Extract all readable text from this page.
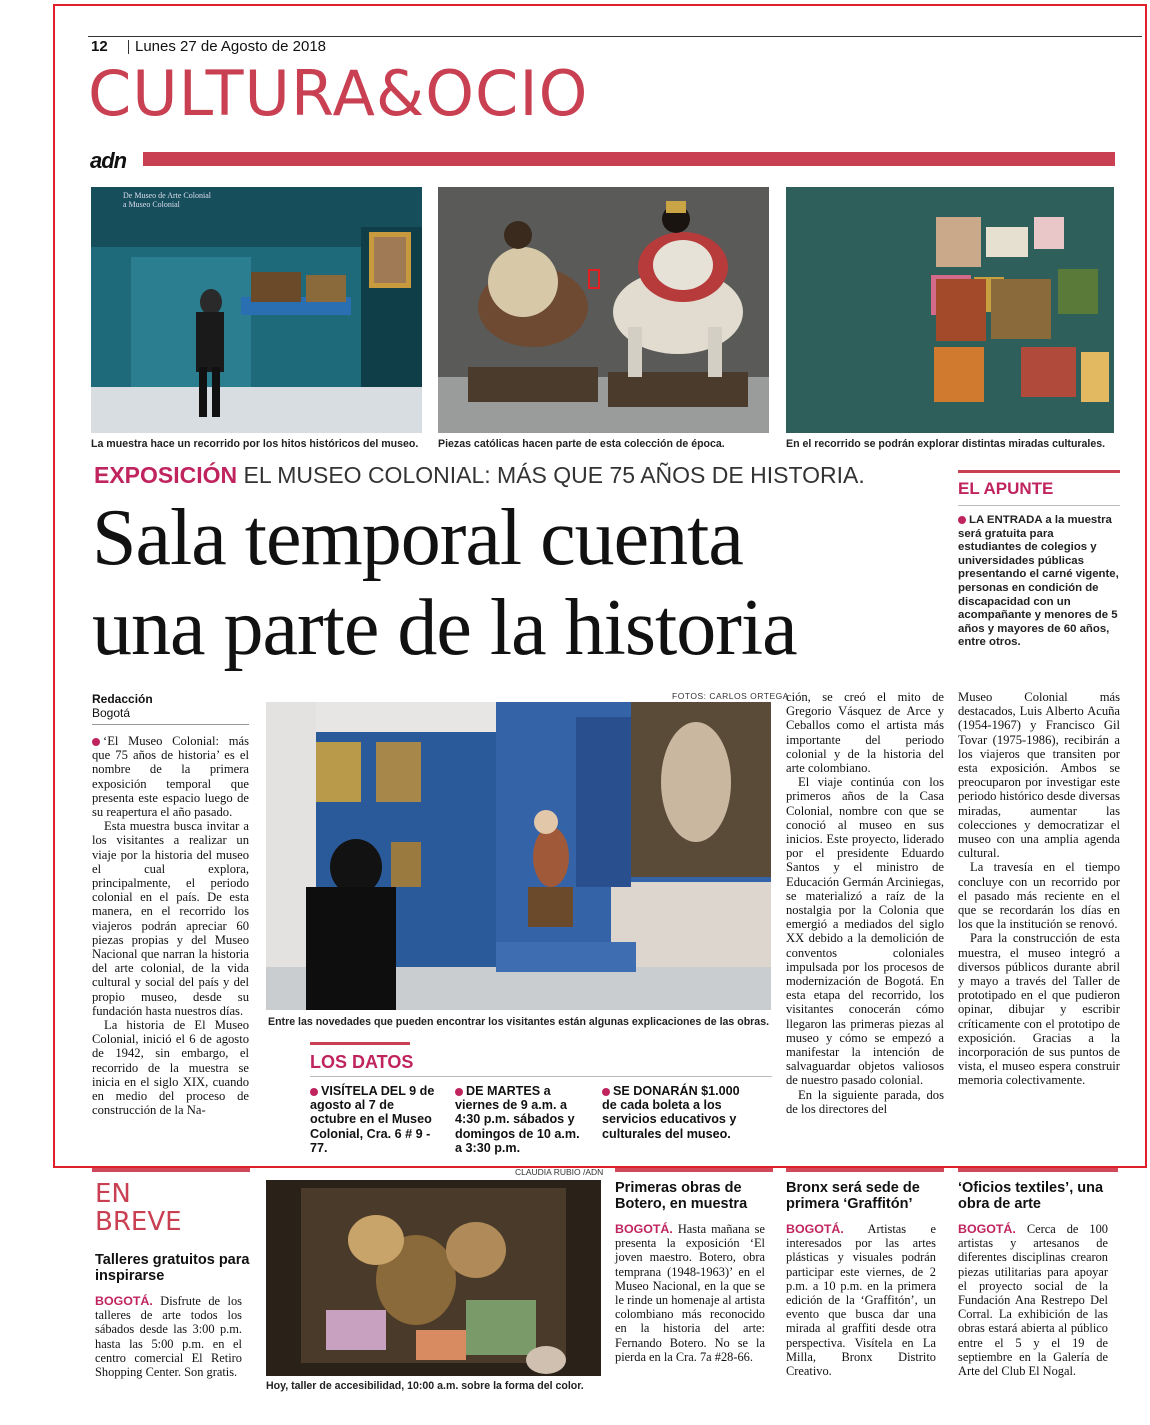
12 Lunes 27 de Agosto de 2018
CULTURA&OCIO
adn
De Museo de Arte Colonial a Museo Colonial
La muestra hace un recorrido por los hitos históricos del museo.	Piezas católicas hacen parte de esta colección de época.	En el recorrido se podrán explorar distintas miradas culturales.
EXPOSICIÓN EL MUSEO COLONIAL: MÁS QUE 75 AÑOS DE HISTORIA.
Sala temporal cuenta
una parte de la historia
EL APUNTE
LA ENTRADA a la muestra será gratuita para estudiantes de colegios y universidades públicas presentando el carné vigente, personas en condición de discapacidad con un acompañante y menores de 5 años y mayores de 60 años, entre otros.
Redacción
Bogotá

‘El Museo Colonial: más que 75 años de historia’ es el nombre de la primera exposición temporal que presenta este espacio luego de su reapertura el año pasado.

Esta muestra busca invitar a los visitantes a realizar un viaje por la historia del museo el cual explora, principalmente, el periodo colonial en el país. De esta manera, en el recorrido los viajeros podrán apreciar 60 piezas propias y del Museo Nacional que narran la historia del arte colonial, de la vida cultural y social del país y del propio museo, desde su fundación hasta nuestros días.

La historia de El Museo Colonial, inició el 6 de agosto de 1942, sin embargo, el recorrido de la muestra se inicia en el siglo XIX, cuando en medio del proceso de construcción de la Na-

FOTOS: CARLOS ORTEGA
Entre las novedades que pueden encontrar los visitantes están algunas explicaciones de las obras.

ción, se creó el mito de Gregorio Vásquez de Arce y Ceballos como el artista más importante del periodo colonial y de la historia del arte colombiano.

El viaje continúa con los primeros años de la Casa Colonial, nombre con que se conoció al museo en sus inicios. Este proyecto, liderado por el presidente Eduardo Santos y el ministro de Educación Germán Arciniegas, se materializó a raíz de la nostalgia por la Colonia que emergió a mediados del siglo XX debido a la demolición de conventos coloniales impulsada por los procesos de modernización de Bogotá. En esta etapa del recorrido, los visitantes conocerán cómo llegaron las primeras piezas al museo y cómo se empezó a manifestar la intención de salvaguardar objetos valiosos de nuestro pasado colonial.

En la siguiente parada, dos de los directores del

Museo Colonial más destacados, Luis Alberto Acuña (1954-1967) y Francisco Gil Tovar (1975-1986), recibirán a los viajeros que transiten por esta exposición. Ambos se preocuparon por investigar este periodo histórico desde diversas miradas, aumentar las colecciones y democratizar el museo con una amplia agenda cultural.

La travesía en el tiempo concluye con un recorrido por el pasado más reciente en el que se recordarán los días en los que la institución se renovó.

Para la construcción de esta muestra, el museo integró a diversos públicos durante abril y mayo a través del Taller de prototipado en el que pudieron opinar, dibujar y escribir críticamente con el prototipo de exposición. Gracias a la incorporación de sus puntos de vista, el museo espera construir memoria colectivamente.

LOS DATOS
VISÍTELA DEL 9 de agosto al 7 de octubre en el Museo Colonial, Cra. 6 # 9 - 77.
DE MARTES a viernes de 9 a.m. a 4:30 p.m. sábados y domingos de 10 a.m. a 3:30 p.m.
SE DONARÁN $1.000 de cada boleta a los servicios educativos y culturales del museo.
EN
BREVE
Talleres gratuitos para inspirarse
BOGOTÁ. Disfrute de los talleres de arte todos los sábados desde las 3:00 p.m. hasta las 5:00 p.m. en el centro comercial El Retiro Shopping Center. Son gratis.
CLAUDIA RUBIO /ADN
Hoy, taller de accesibilidad, 10:00 a.m. sobre la forma del color.
Primeras obras de Botero, en muestra
BOGOTÁ. Hasta mañana se presenta la exposición ‘El joven maestro. Botero, obra temprana (1948-1963)’ en el Museo Nacional, en la que se le rinde un homenaje al artista colombiano más reconocido en la historia del arte: Fernando Botero. No se la pierda en la Cra. 7a #28-66.
Bronx será sede de primera ‘Graffitón’
BOGOTÁ. Artistas e interesados por las artes plásticas y visuales podrán participar este viernes, de 2 p.m. a 10 p.m. en la primera edición de la ‘Graffitón’, un evento que busca dar una mirada al graffiti desde otra perspectiva. Visítela en La Milla, Bronx Distrito Creativo.
‘Oficios textiles’, una obra de arte
BOGOTÁ. Cerca de 100 artistas y artesanos de diferentes disciplinas crearon piezas utilitarias para apoyar el proyecto social de la Fundación Ana Restrepo Del Corral. La exhibición de las obras estará abierta al público entre el 5 y el 19 de septiembre en la Galería de Arte del Club El Nogal.
